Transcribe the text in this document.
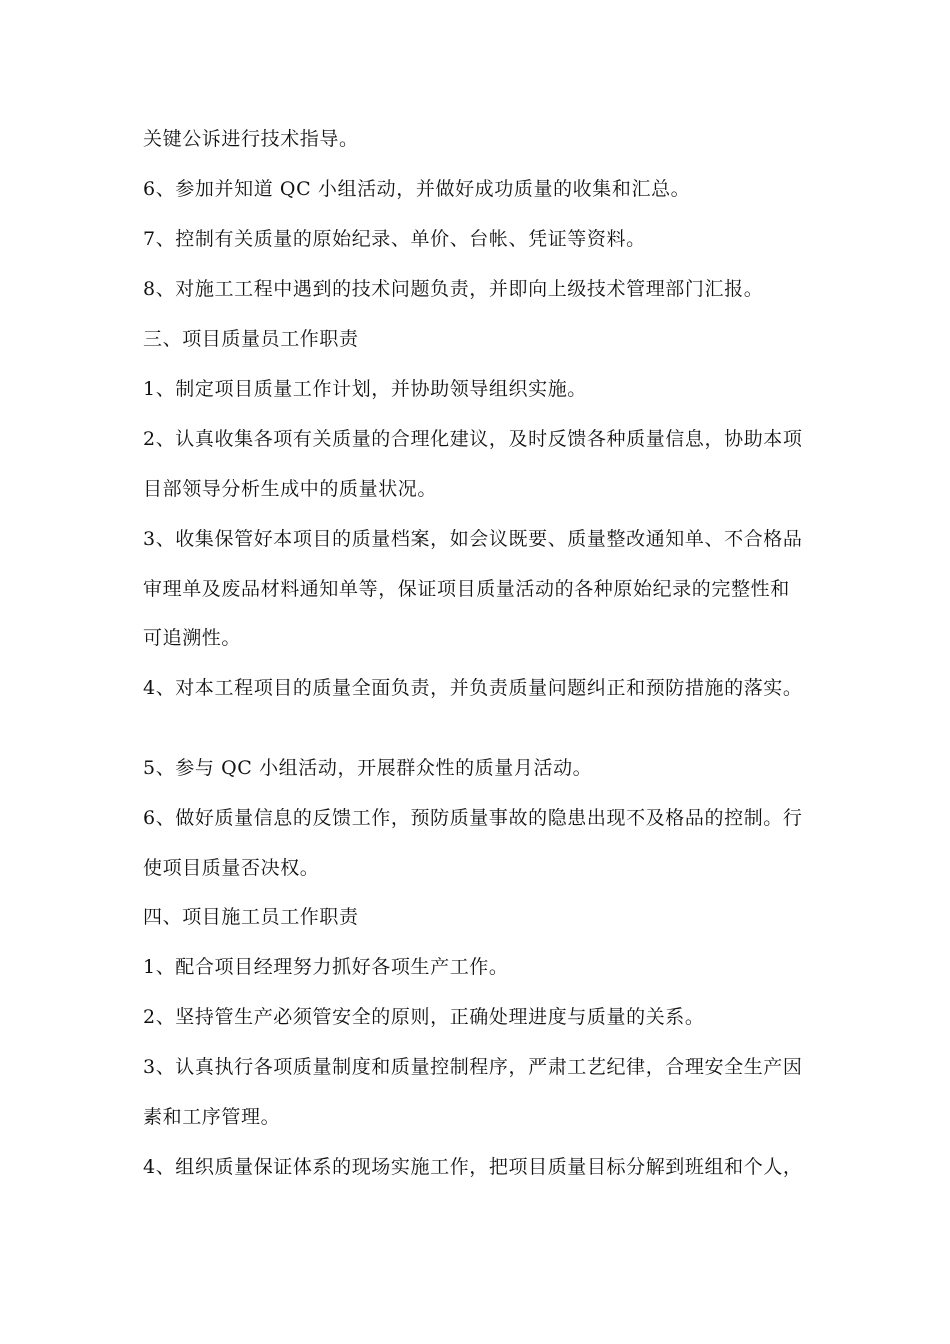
关键公诉进行技术指导。
6、参加并知道 QC 小组活动，并做好成功质量的收集和汇总。
7、控制有关质量的原始纪录、单价、台帐、凭证等资料。
8、对施工工程中遇到的技术问题负责，并即向上级技术管理部门汇报。
三、项目质量员工作职责
1、制定项目质量工作计划，并协助领导组织实施。
2、认真收集各项有关质量的合理化建议，及时反馈各种质量信息，协助本项
目部领导分析生成中的质量状况。
3、收集保管好本项目的质量档案，如会议既要、质量整改通知单、不合格品
审理单及废品材料通知单等，保证项目质量活动的各种原始纪录的完整性和
可追溯性。
4、对本工程项目的质量全面负责，并负责质量问题纠正和预防措施的落实。
5、参与 QC 小组活动，开展群众性的质量月活动。
6、做好质量信息的反馈工作，预防质量事故的隐患出现不及格品的控制。行
使项目质量否决权。
四、项目施工员工作职责
1、配合项目经理努力抓好各项生产工作。
2、坚持管生产必须管安全的原则，正确处理进度与质量的关系。
3、认真执行各项质量制度和质量控制程序，严肃工艺纪律，合理安全生产因
素和工序管理。
4、组织质量保证体系的现场实施工作，把项目质量目标分解到班组和个人，
